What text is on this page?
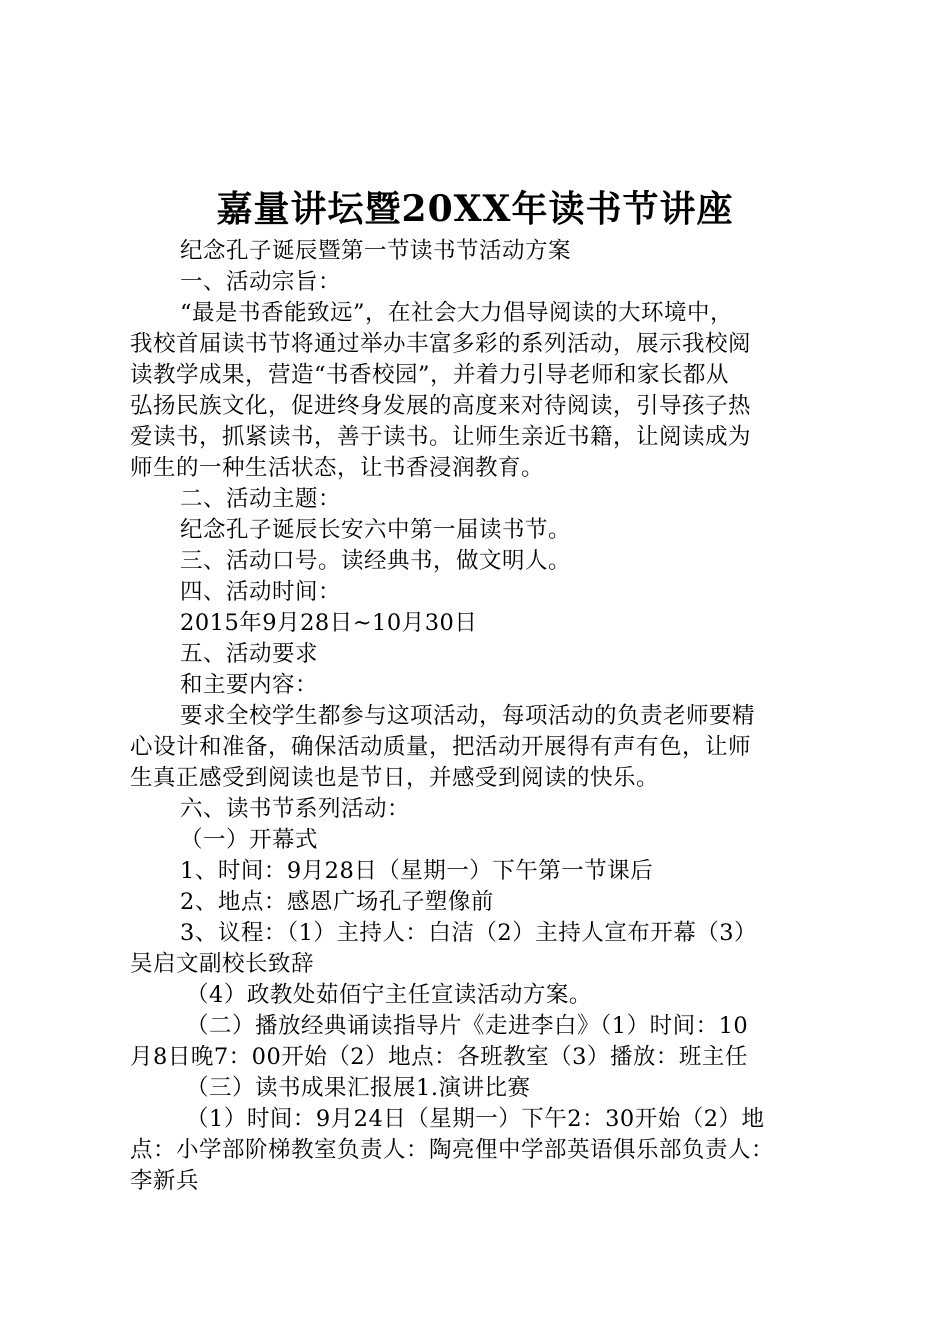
嘉量讲坛暨20XX年读书节讲座
纪念孔子诞辰暨第一节读书节活动方案
一、活动宗旨：
“最是书香能致远”，在社会大力倡导阅读的大环境中，
我校首届读书节将通过举办丰富多彩的系列活动，展示我校阅
读教学成果，营造“书香校园”，并着力引导老师和家长都从
弘扬民族文化，促进终身发展的高度来对待阅读，引导孩子热
爱读书，抓紧读书，善于读书。让师生亲近书籍，让阅读成为
师生的一种生活状态，让书香浸润教育。
二、活动主题：
纪念孔子诞辰长安六中第一届读书节。
三、活动口号。读经典书，做文明人。
四、活动时间：
2015年9月28日~10月30日
五、活动要求
和主要内容：
要求全校学生都参与这项活动，每项活动的负责老师要精
心设计和准备，确保活动质量，把活动开展得有声有色，让师
生真正感受到阅读也是节日，并感受到阅读的快乐。
六、读书节系列活动：
（一）开幕式
1、时间：9月28日（星期一）下午第一节课后
2、地点：感恩广场孔子塑像前
3、议程：（1）主持人：白洁（2）主持人宣布开幕（3）
吴启文副校长致辞
（4）政教处茹佰宁主任宣读活动方案。
（二）播放经典诵读指导片《走进李白》（1）时间：10
月8日晚7：00开始（2）地点：各班教室（3）播放：班主任
（三）读书成果汇报展1.演讲比赛
（1）时间：9月24日（星期一）下午2：30开始（2）地
点：小学部阶梯教室负责人：陶亮俚中学部英语俱乐部负责人：
李新兵
